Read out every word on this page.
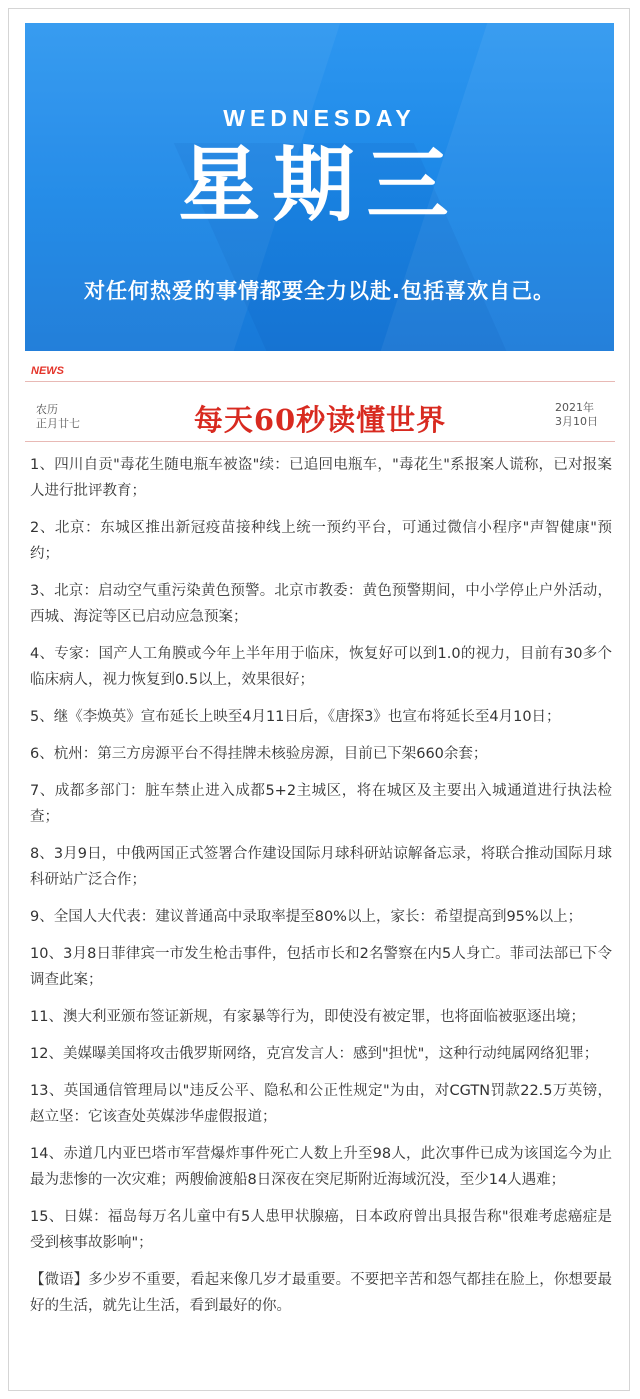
WEDNESDAY
星期三
对任何热爱的事情都要全力以赴.包括喜欢自己。
NEWS
农历
正月廿七	每天60秒读懂世界	2021年
3月10日

1、四川自贡"毒花生随电瓶车被盗"续：已追回电瓶车，"毒花生"系报案人谎称，已对报案人进行批评教育；

2、北京：东城区推出新冠疫苗接种线上统一预约平台，可通过微信小程序"声智健康"预约；

3、北京：启动空气重污染黄色预警。北京市教委：黄色预警期间，中小学停止户外活动，西城、海淀等区已启动应急预案；

4、专家：国产人工角膜或今年上半年用于临床，恢复好可以到1.0的视力，目前有30多个临床病人，视力恢复到0.5以上，效果很好；

5、继《李焕英》宣布延长上映至4月11日后，《唐探3》也宣布将延长至4月10日；

6、杭州：第三方房源平台不得挂牌未核验房源，目前已下架660余套；

7、成都多部门：脏车禁止进入成都5+2主城区，将在城区及主要出入城通道进行执法检查；

8、3月9日，中俄两国正式签署合作建设国际月球科研站谅解备忘录，将联合推动国际月球科研站广泛合作；

9、全国人大代表：建议普通高中录取率提至80%以上，家长：希望提高到95%以上；

10、3月8日菲律宾一市发生枪击事件，包括市长和2名警察在内5人身亡。菲司法部已下令调查此案；

11、澳大利亚颁布签证新规，有家暴等行为，即使没有被定罪，也将面临被驱逐出境；

12、美媒曝美国将攻击俄罗斯网络，克宫发言人：感到"担忧"，这种行动纯属网络犯罪；

13、英国通信管理局以"违反公平、隐私和公正性规定"为由，对CGTN罚款22.5万英镑，赵立坚：它该查处英媒涉华虚假报道；

14、赤道几内亚巴塔市军营爆炸事件死亡人数上升至98人，此次事件已成为该国迄今为止最为悲惨的一次灾难；两艘偷渡船8日深夜在突尼斯附近海域沉没，至少14人遇难；

15、日媒：福岛每万名儿童中有5人患甲状腺癌，日本政府曾出具报告称"很难考虑癌症是受到核事故影响"；

【微语】多少岁不重要，看起来像几岁才最重要。不要把辛苦和怨气都挂在脸上，你想要最好的生活，就先让生活，看到最好的你。
